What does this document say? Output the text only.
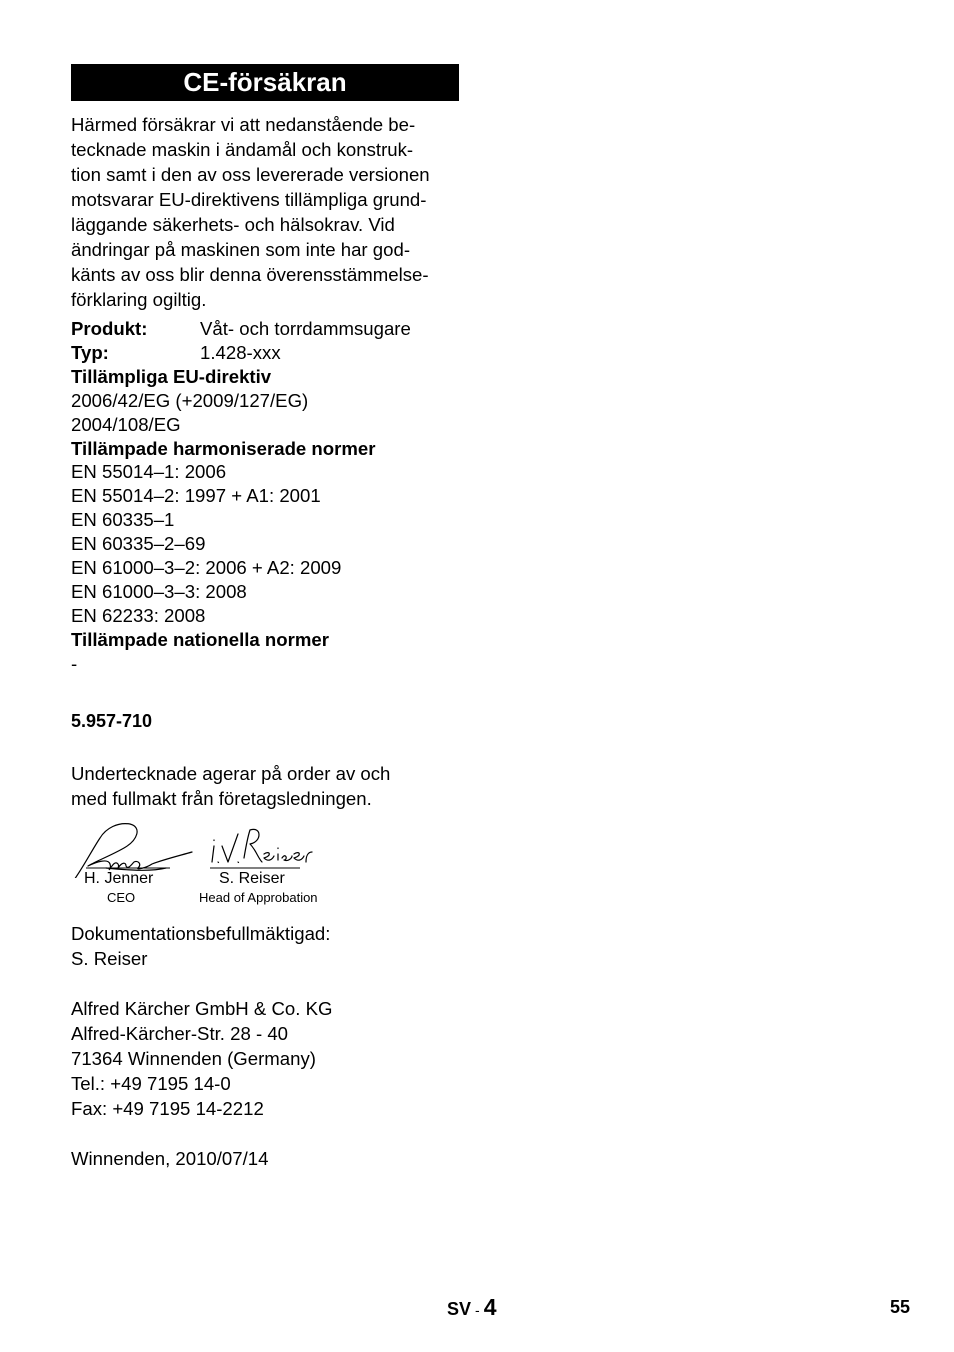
CE-försäkran

Härmed försäkrar vi att nedanstående be-
tecknade maskin i ändamål och konstruk-
tion samt i den av oss levererade versionen
motsvarar EU-direktivens tillämpliga grund-
läggande säkerhets- och hälsokrav. Vid
ändringar på maskinen som inte har god-
känts av oss blir denna överensstämmelse-
förklaring ogiltig.

Produkt:	Våt- och torrdammsugare
Typ:	1.428-xxx
Tillämpliga EU-direktiv
2006/42/EG (+2009/127/EG)
2004/108/EG
Tillämpade harmoniserade normer
EN 55014–1: 2006
EN 55014–2: 1997 + A1: 2001
EN 60335–1
EN 60335–2–69
EN 61000–3–2: 2006 + A2: 2009
EN 61000–3–3: 2008
EN 62233: 2008
Tillämpade nationella normer
-
5.957-710
Undertecknade agerar på order av och
med fullmakt från företagsledningen.
H. Jenner
CEO
S. Reiser
Head of Approbation
Dokumentationsbefullmäktigad:
S. Reiser
Alfred Kärcher GmbH & Co. KG
Alfred-Kärcher-Str. 28 - 40
71364 Winnenden (Germany)
Tel.: +49 7195 14-0
Fax: +49 7195 14-2212
Winnenden, 2010/07/14
SV - 4	55
